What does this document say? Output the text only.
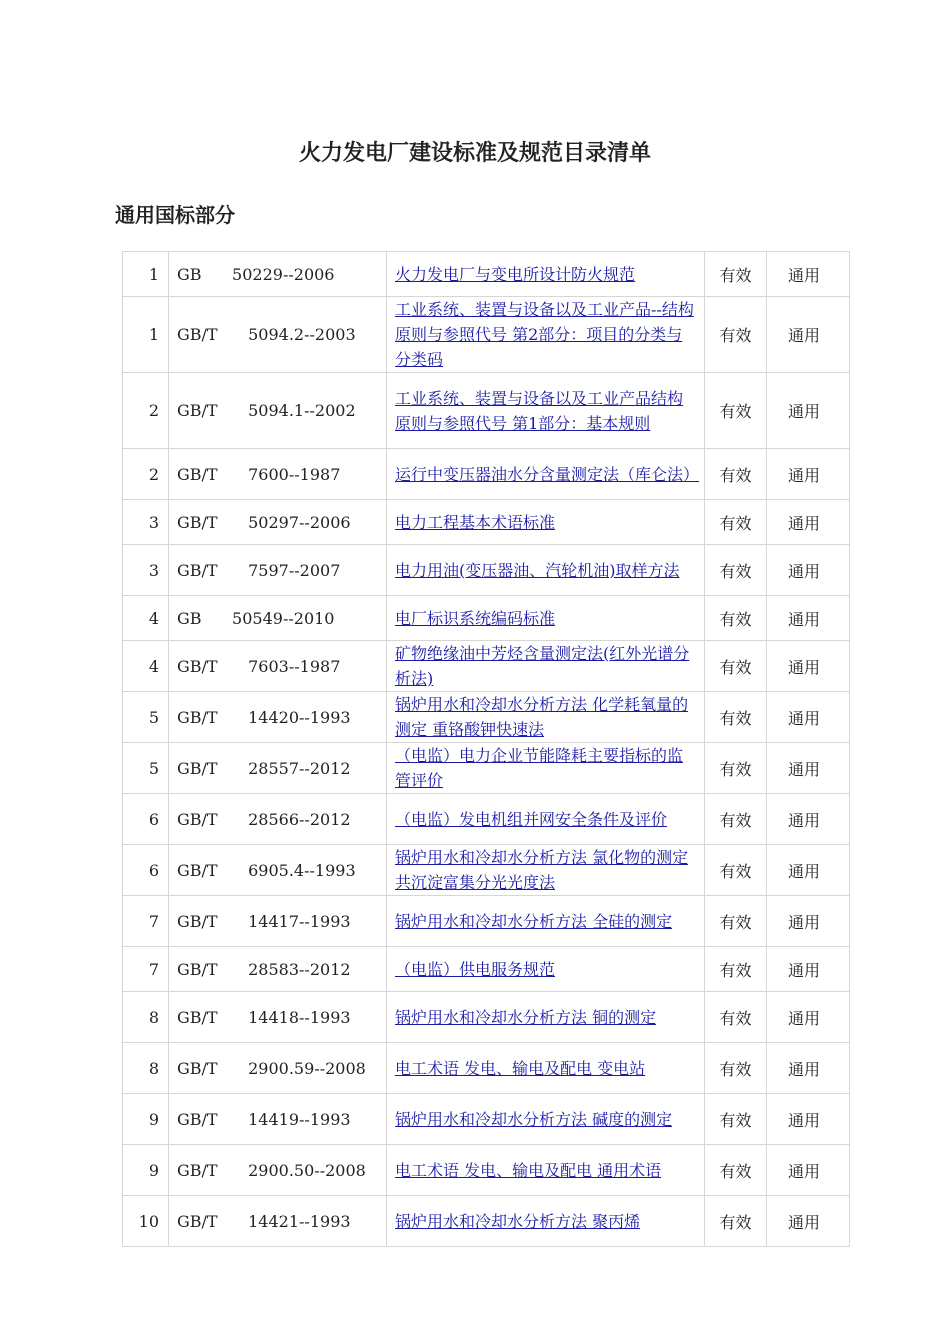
火力发电厂建设标准及规范目录清单
通用国标部分
1	GB      50229--2006	火力发电厂与变电所设计防火规范	有效	通用
1	GB/T      5094.2--2003	工业系统、装置与设备以及工业产品--结构原则与参照代号 第2部分：项目的分类与分类码	有效	通用
2	GB/T      5094.1--2002	工业系统、装置与设备以及工业产品结构原则与参照代号 第1部分：基本规则	有效	通用
2	GB/T      7600--1987	运行中变压器油水分含量测定法（库仑法）	有效	通用
3	GB/T      50297--2006	电力工程基本术语标准	有效	通用
3	GB/T      7597--2007	电力用油(变压器油、汽轮机油)取样方法	有效	通用
4	GB      50549--2010	电厂标识系统编码标准	有效	通用
4	GB/T      7603--1987	矿物绝缘油中芳烃含量测定法(红外光谱分析法)	有效	通用
5	GB/T      14420--1993	锅炉用水和冷却水分析方法 化学耗氧量的测定 重铬酸钾快速法	有效	通用
5	GB/T      28557--2012	（电监）电力企业节能降耗主要指标的监管评价	有效	通用
6	GB/T      28566--2012	（电监）发电机组并网安全条件及评价	有效	通用
6	GB/T      6905.4--1993	锅炉用水和冷却水分析方法 氯化物的测定 共沉淀富集分光光度法	有效	通用
7	GB/T      14417--1993	锅炉用水和冷却水分析方法 全硅的测定	有效	通用
7	GB/T      28583--2012	（电监）供电服务规范	有效	通用
8	GB/T      14418--1993	锅炉用水和冷却水分析方法 铜的测定	有效	通用
8	GB/T      2900.59--2008	电工术语 发电、输电及配电 变电站	有效	通用
9	GB/T      14419--1993	锅炉用水和冷却水分析方法 碱度的测定	有效	通用
9	GB/T      2900.50--2008	电工术语 发电、输电及配电 通用术语	有效	通用
10	GB/T      14421--1993	锅炉用水和冷却水分析方法 聚丙烯	有效	通用
